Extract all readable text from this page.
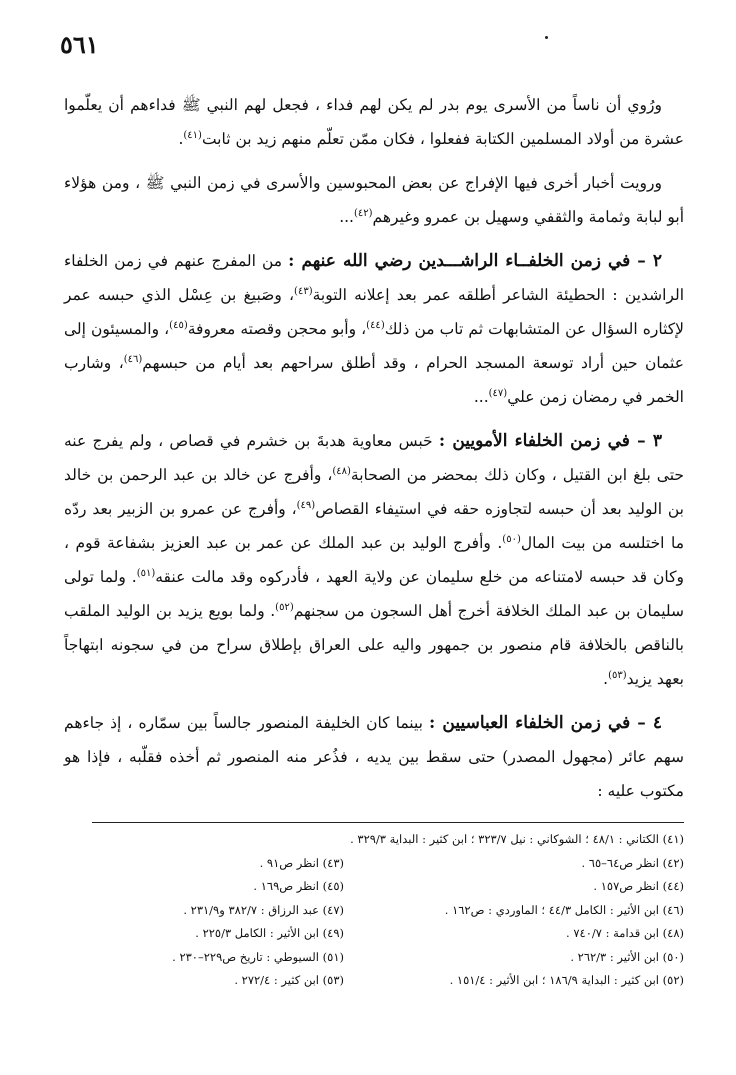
٥٦١

ورُوي أن ناساً من الأسرى يوم بدر لم يكن لهم فداء ، فجعل لهم النبي ﷺ فداءهم أن يعلّموا عشرة من أولاد المسلمين الكتابة ففعلوا ، فكان ممّن تعلّم منهم زيد بن ثابت$^{(٤١)}$.

ورويت أخبار أخرى فيها الإفراج عن بعض المحبوسين والأسرى في زمن النبي ﷺ ، ومن هؤلاء أبو لبابة وثمامة والثقفي وسهيل بن عمرو وغيرهم$^{(٤٢)}$...

٢ – في زمن الخلفــاء الراشـــدين رضي الله عنهم : من المفرج عنهم في زمن الخلفاء الراشدين : الحطيئة الشاعر أطلقه عمر بعد إعلانه التوبة$^{(٤٣)}$، وصَبيغ بن عِسْل الذي حبسه عمر لإكثاره السؤال عن المتشابهات ثم تاب من ذلك$^{(٤٤)}$، وأبو محجن وقصته معروفة$^{(٤٥)}$، والمسيئون إلى عثمان حين أراد توسعة المسجد الحرام ، وقد أطلق سراحهم بعد أيام من حبسهم$^{(٤٦)}$، وشارب الخمر في رمضان زمن علي$^{(٤٧)}$...

٣ – في زمن الخلفاء الأمويين : حَبس معاوية هدبةَ بن خشرم في قصاص ، ولم يفرج عنه حتى بلغ ابن القتيل ، وكان ذلك بمحضر من الصحابة$^{(٤٨)}$، وأفرج عن خالد بن عبد الرحمن بن خالد بن الوليد بعد أن حبسه لتجاوزه حقه في استيفاء القصاص$^{(٤٩)}$، وأفرج عن عمرو بن الزبير بعد ردّه ما اختلسه من بيت المال$^{(٥٠)}$. وأفرج الوليد بن عبد الملك عن عمر بن عبد العزيز بشفاعة قوم ، وكان قد حبسه لامتناعه من خلع سليمان عن ولاية العهد ، فأدركوه وقد مالت عنقه$^{(٥١)}$. ولما تولى سليمان بن عبد الملك الخلافة أخرج أهل السجون من سجنهم$^{(٥٢)}$. ولما بويع يزيد بن الوليد الملقب بالناقص بالخلافة قام منصور بن جمهور واليه على العراق بإطلاق سراح من في سجونه ابتهاجاً بعهد يزيد$^{(٥٣)}$.

٤ – في زمن الخلفاء العباسيين : بينما كان الخليفة المنصور جالساً بين سمّاره ، إذ جاءهم سهم عائر (مجهول المصدر) حتى سقط بين يديه ، فذُعر منه المنصور ثم أخذه فقلّبه ، فإذا هو مكتوب عليه :

(٤١) الكتاني : ٤٨/١ ؛ الشوكاني : نيل ٣٢٣/٧ ؛ ابن كثير : البداية ٣٢٩/٣ .
(٤٢) انظر ص٦٤–٦٥ .
(٤٣) انظر ص٩١ .
(٤٤) انظر ص١٥٧ .
(٤٥) انظر ص١٦٩ .
(٤٦) ابن الأثير : الكامل ٤٤/٣ ؛ الماوردي : ص١٦٢ .
(٤٧) عبد الرزاق : ٣٨٢/٧ و٢٣١/٩ .
(٤٨) ابن قدامة : ٧٤٠/٧ .
(٤٩) ابن الأثير : الكامل ٢٢٥/٣ .
(٥٠) ابن الأثير : ٢٦٢/٣ .
(٥١) السيوطي : تاريخ ص٢٢٩–٢٣٠ .
(٥٢) ابن كثير : البداية ١٨٦/٩ ؛ ابن الأثير : ١٥١/٤ .
(٥٣) ابن كثير : ٢٧٢/٤ .
